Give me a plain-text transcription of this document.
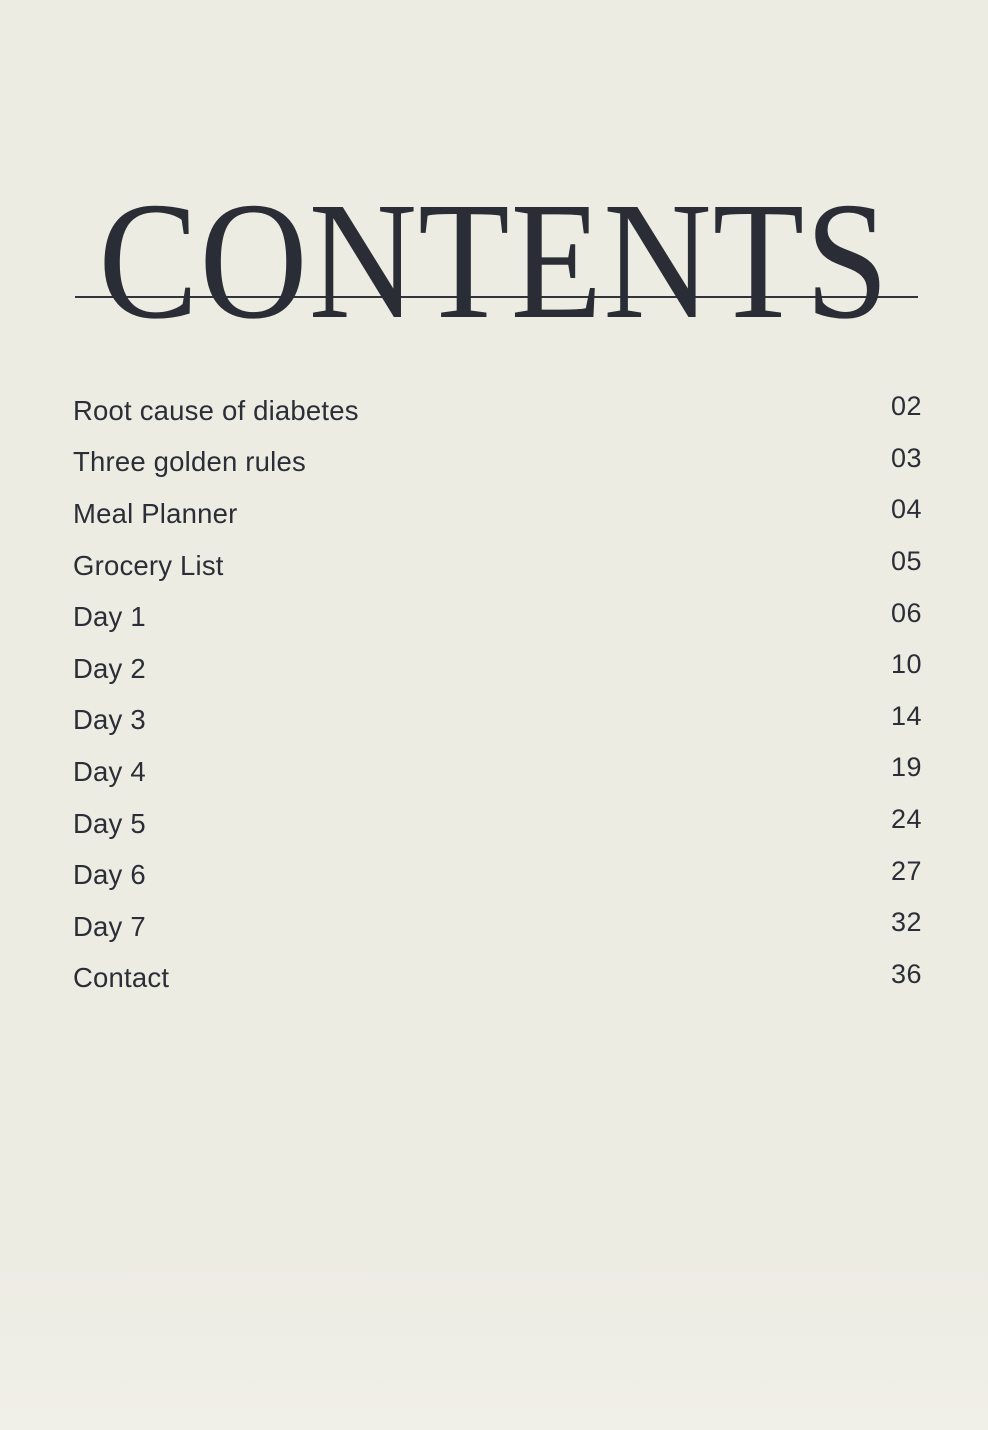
CONTENTS
Root cause of diabetes	02
Three golden rules	03
Meal Planner	04
Grocery List	05
Day 1	06
Day 2	10
Day 3	14
Day 4	19
Day 5	24
Day 6	27
Day 7	32
Contact	36
